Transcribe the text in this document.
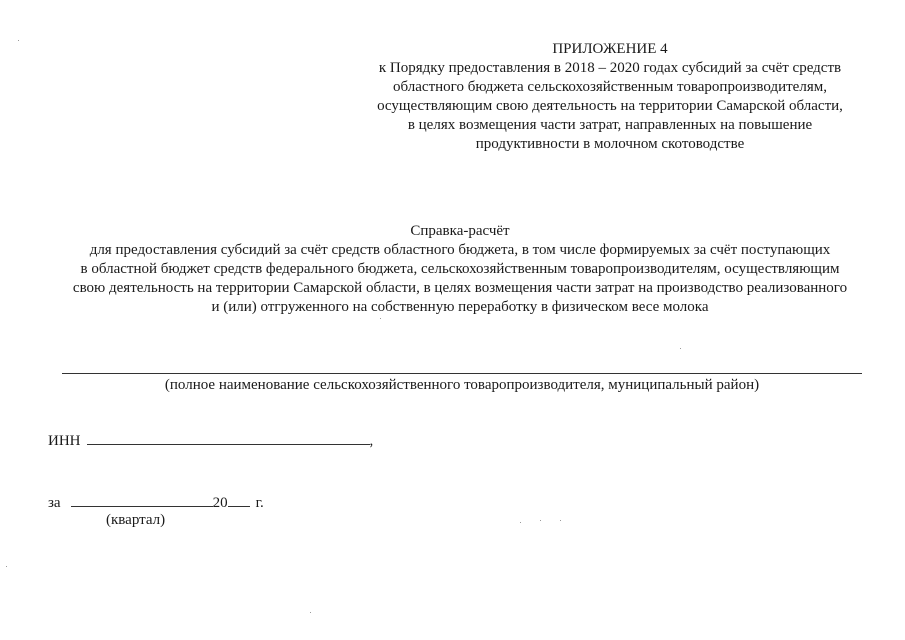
ПРИЛОЖЕНИЕ 4
к Порядку предоставления в 2018 – 2020 годах субсидий за счёт средств
областного бюджета сельскохозяйственным товаропроизводителям,
осуществляющим свою деятельность на территории Самарской области,
в целях возмещения части затрат, направленных на повышение
продуктивности в молочном скотоводстве
Справка-расчёт
для предоставления субсидий за счёт средств областного бюджета, в том числе формируемых за счёт поступающих
в областной бюджет средств федерального бюджета, сельскохозяйственным товаропроизводителям, осуществляющим
свою деятельность на территории Самарской области, в целях возмещения части затрат на производство реализованного
и (или) отгруженного на собственную переработку в физическом весе молока
(полное наименование сельскохозяйственного товаропроизводителя, муниципальный район)
ИНН	,
за	20 г.
(квартал)
